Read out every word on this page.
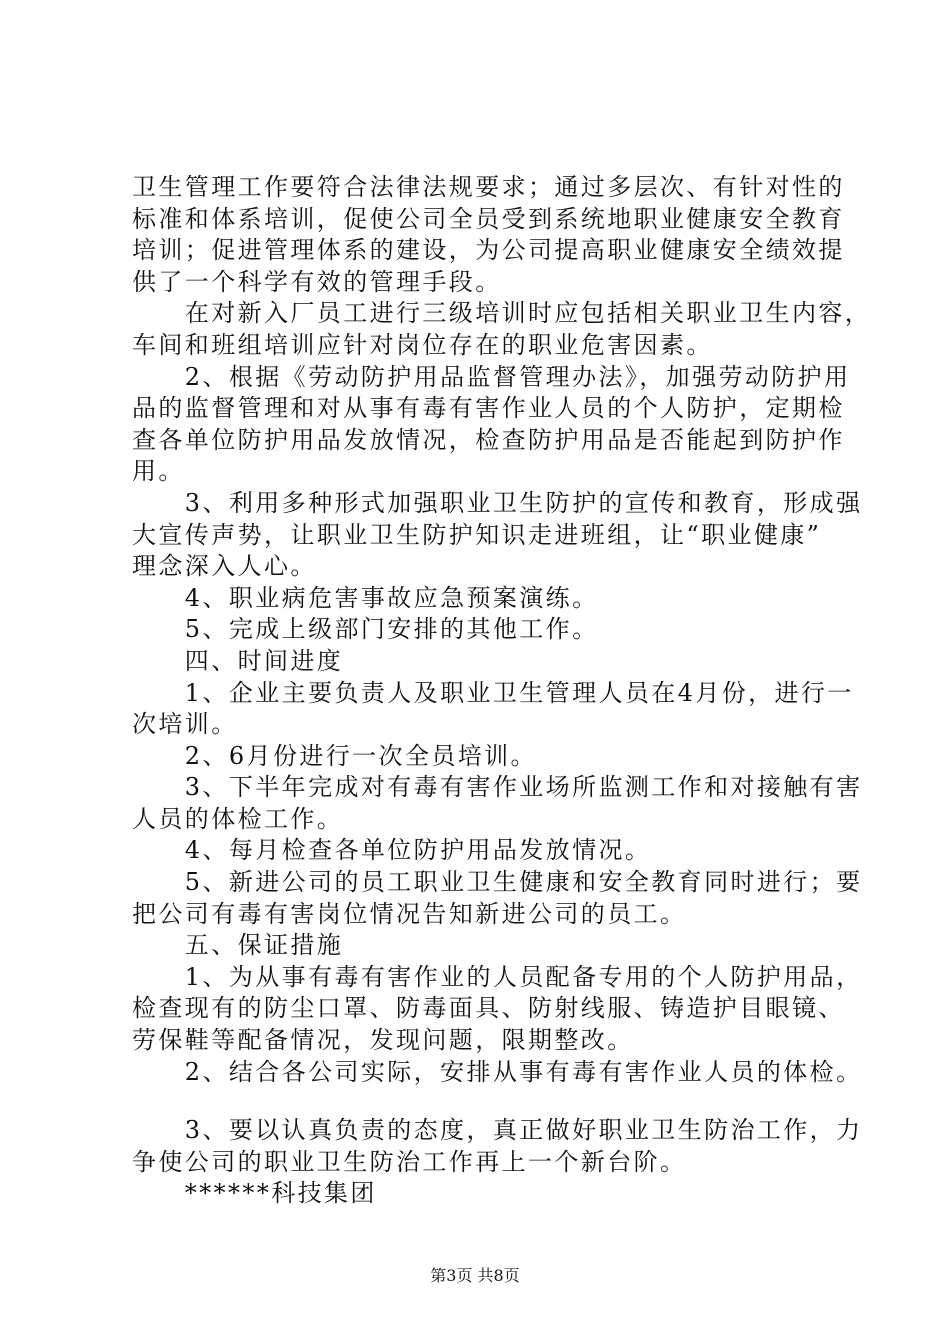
卫生管理工作要符合法律法规要求；通过多层次、有针对性的
标准和体系培训，促使公司全员受到系统地职业健康安全教育
培训；促进管理体系的建设，为公司提高职业健康安全绩效提
供了一个科学有效的管理手段。
　　在对新入厂员工进行三级培训时应包括相关职业卫生内容，
车间和班组培训应针对岗位存在的职业危害因素。
　　2、根据《劳动防护用品监督管理办法》，加强劳动防护用
品的监督管理和对从事有毒有害作业人员的个人防护，定期检
查各单位防护用品发放情况，检查防护用品是否能起到防护作
用。
　　3、利用多种形式加强职业卫生防护的宣传和教育，形成强
大宣传声势，让职业卫生防护知识走进班组，让“职业健康”
理念深入人心。
　　4、职业病危害事故应急预案演练。
　　5、完成上级部门安排的其他工作。
　　四、时间进度
　　1、企业主要负责人及职业卫生管理人员在4月份，进行一
次培训。
　　2、6月份进行一次全员培训。
　　3、下半年完成对有毒有害作业场所监测工作和对接触有害
人员的体检工作。
　　4、每月检查各单位防护用品发放情况。
　　5、新进公司的员工职业卫生健康和安全教育同时进行；要
把公司有毒有害岗位情况告知新进公司的员工。
　　五、保证措施
　　1、为从事有毒有害作业的人员配备专用的个人防护用品，
检查现有的防尘口罩、防毒面具、防射线服、铸造护目眼镜、
劳保鞋等配备情况，发现问题，限期整改。
　　2、结合各公司实际，安排从事有毒有害作业人员的体检。
　　3、要以认真负责的态度，真正做好职业卫生防治工作，力
争使公司的职业卫生防治工作再上一个新台阶。
　　******科技集团
第3页 共8页
